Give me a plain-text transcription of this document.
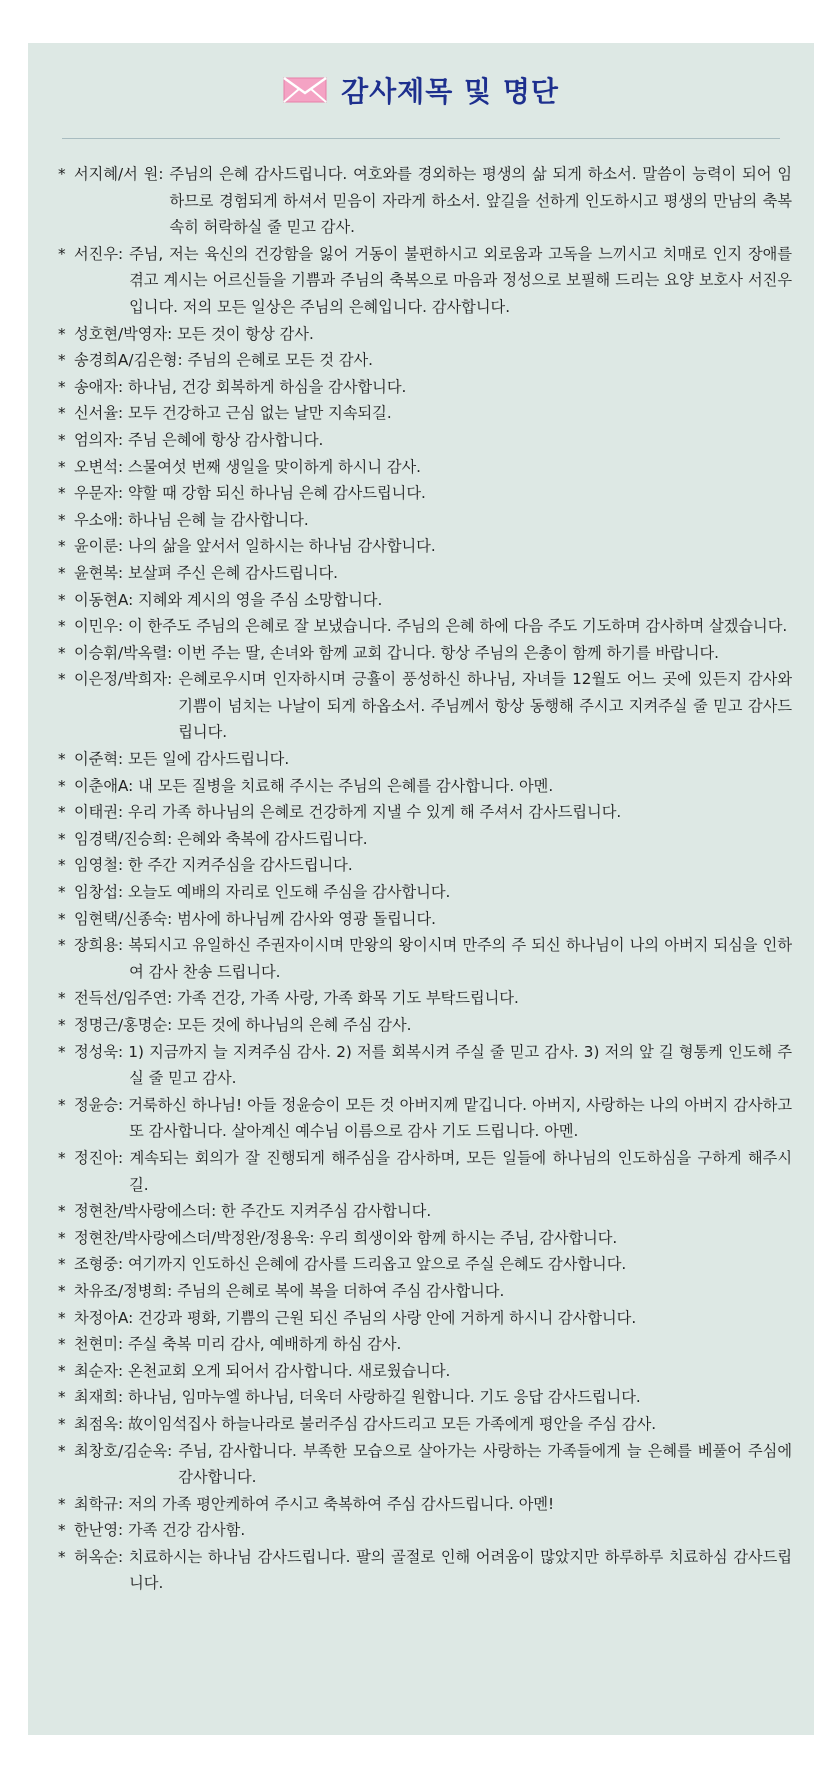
감사제목 및 명단
* 서지혜/서 원: 주님의 은혜 감사드립니다. 여호와를 경외하는 평생의 삶 되게 하소서. 말씀이 능력이 되어 임하므로 경험되게 하셔서 믿음이 자라게 하소서. 앞길을 선하게 인도하시고 평생의 만남의 축복 속히 허락하실 줄 믿고 감사.
* 서진우: 주님, 저는 육신의 건강함을 잃어 거동이 불편하시고 외로움과 고독을 느끼시고 치매로 인지 장애를 겪고 계시는 어르신들을 기쁨과 주님의 축복으로 마음과 정성으로 보필해 드리는 요양 보호사 서진우입니다. 저의 모든 일상은 주님의 은혜입니다. 감사합니다.
* 성호현/박영자: 모든 것이 항상 감사.
* 송경희A/김은형: 주님의 은혜로 모든 것 감사.
* 송애자: 하나님, 건강 회복하게 하심을 감사합니다.
* 신서율: 모두 건강하고 근심 없는 날만 지속되길.
* 엄의자: 주님 은혜에 항상 감사합니다.
* 오변석: 스물여섯 번째 생일을 맞이하게 하시니 감사.
* 우문자: 약할 때 강함 되신 하나님 은혜 감사드립니다.
* 우소애: 하나님 은혜 늘 감사합니다.
* 윤이룬: 나의 삶을 앞서서 일하시는 하나님 감사합니다.
* 윤현복: 보살펴 주신 은혜 감사드립니다.
* 이동현A: 지혜와 계시의 영을 주심 소망합니다.
* 이민우: 이 한주도 주님의 은혜로 잘 보냈습니다. 주님의 은혜 하에 다음 주도 기도하며 감사하며 살겠습니다.
* 이승휘/박옥렬: 이번 주는 딸, 손녀와 함께 교회 갑니다. 항상 주님의 은총이 함께 하기를 바랍니다.
* 이은정/박희자: 은혜로우시며 인자하시며 긍휼이 풍성하신 하나님, 자녀들 12월도 어느 곳에 있든지 감사와 기쁨이 넘치는 나날이 되게 하옵소서. 주님께서 항상 동행해 주시고 지켜주실 줄 믿고 감사드립니다.
* 이준혁: 모든 일에 감사드립니다.
* 이춘애A: 내 모든 질병을 치료해 주시는 주님의 은혜를 감사합니다. 아멘.
* 이태권: 우리 가족 하나님의 은혜로 건강하게 지낼 수 있게 해 주셔서 감사드립니다.
* 임경택/진승희: 은혜와 축복에 감사드립니다.
* 임영철: 한 주간 지켜주심을 감사드립니다.
* 임창섭: 오늘도 예배의 자리로 인도해 주심을 감사합니다.
* 임현택/신종숙: 범사에 하나님께 감사와 영광 돌립니다.
* 장희용: 복되시고 유일하신 주권자이시며 만왕의 왕이시며 만주의 주 되신 하나님이 나의 아버지 되심을 인하여 감사 찬송 드립니다.
* 전득선/임주연: 가족 건강, 가족 사랑, 가족 화목 기도 부탁드립니다.
* 정명근/홍명순: 모든 것에 하나님의 은혜 주심 감사.
* 정성욱: 1) 지금까지 늘 지켜주심 감사. 2) 저를 회복시켜 주실 줄 믿고 감사. 3) 저의 앞 길 형통케 인도해 주실 줄 믿고 감사.
* 정윤승: 거룩하신 하나님! 아들 정윤승이 모든 것 아버지께 맡깁니다. 아버지, 사랑하는 나의 아버지 감사하고 또 감사합니다. 살아계신 예수님 이름으로 감사 기도 드립니다. 아멘.
* 정진아: 계속되는 회의가 잘 진행되게 해주심을 감사하며, 모든 일들에 하나님의 인도하심을 구하게 해주시길.
* 정현찬/박사랑에스더: 한 주간도 지켜주심 감사합니다.
* 정현찬/박사랑에스더/박정완/정용욱: 우리 희생이와 함께 하시는 주님, 감사합니다.
* 조형중: 여기까지 인도하신 은혜에 감사를 드리옵고 앞으로 주실 은혜도 감사합니다.
* 차유조/정병희: 주님의 은혜로 복에 복을 더하여 주심 감사합니다.
* 차정아A: 건강과 평화, 기쁨의 근원 되신 주님의 사랑 안에 거하게 하시니 감사합니다.
* 천현미: 주실 축복 미리 감사, 예배하게 하심 감사.
* 최순자: 온천교회 오게 되어서 감사합니다. 새로웠습니다.
* 최재희: 하나님, 임마누엘 하나님, 더욱더 사랑하길 원합니다. 기도 응답 감사드립니다.
* 최점옥: 故이임석집사 하늘나라로 불러주심 감사드리고 모든 가족에게 평안을 주심 감사.
* 최창호/김순옥: 주님, 감사합니다. 부족한 모습으로 살아가는 사랑하는 가족들에게 늘 은혜를 베풀어 주심에 감사합니다.
* 최학규: 저의 가족 평안케하여 주시고 축복하여 주심 감사드립니다. 아멘!
* 한난영: 가족 건강 감사함.
* 허옥순: 치료하시는 하나님 감사드립니다. 팔의 골절로 인해 어려움이 많았지만 하루하루 치료하심 감사드립니다.
